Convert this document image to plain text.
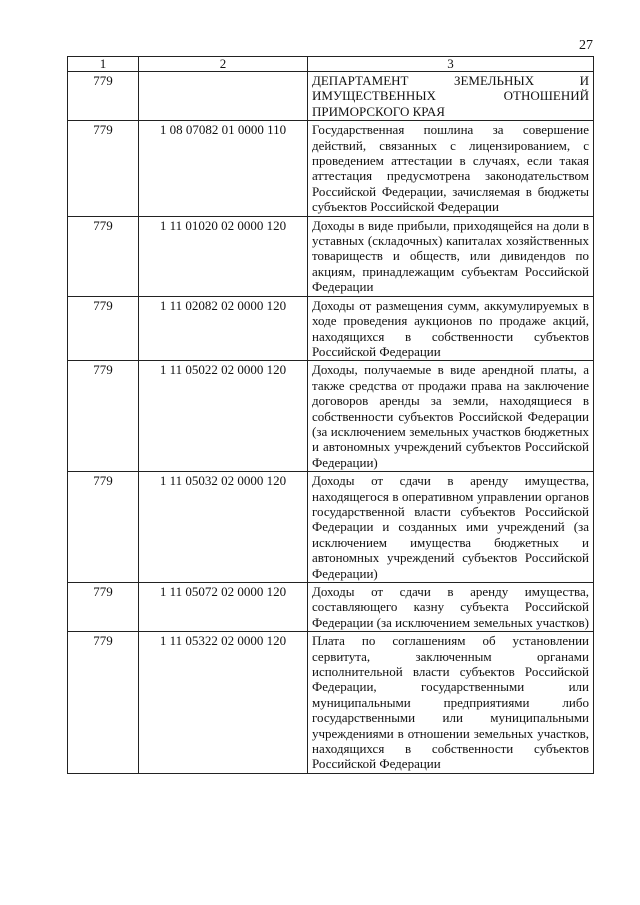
27
1	2	3
779		ДЕПАРТАМЕНТ ЗЕМЕЛЬНЫХ И ИМУЩЕСТВЕННЫХ ОТНОШЕНИЙ ПРИМОРСКОГО КРАЯ
779	1 08 07082 01 0000 110	Государственная пошлина за совершение действий, связанных с лицензированием, с проведением аттестации в случаях, если такая аттестация предусмотрена законодательством Российской Федерации, зачисляемая в бюджеты субъектов Российской Федерации
779	1 11 01020 02 0000 120	Доходы в виде прибыли, приходящейся на доли в уставных (складочных) капиталах хозяйственных товариществ и обществ, или дивидендов по акциям, принадлежащим субъектам Российской Федерации
779	1 11 02082 02 0000 120	Доходы от размещения сумм, аккумулируемых в ходе проведения аукционов по продаже акций, находящихся в собственности субъектов Российской Федерации
779	1 11 05022 02 0000 120	Доходы, получаемые в виде арендной платы, а также средства от продажи права на заключение договоров аренды за земли, находящиеся в собственности субъектов Российской Федерации (за исключением земельных участков бюджетных и автономных учреждений субъектов Российской Федерации)
779	1 11 05032 02 0000 120	Доходы от сдачи в аренду имущества, находящегося в оперативном управлении органов государственной власти субъектов Российской Федерации и созданных ими учреждений (за исключением имущества бюджетных и автономных учреждений субъектов Российской Федерации)
779	1 11 05072 02 0000 120	Доходы от сдачи в аренду имущества, составляющего казну субъекта Российской Федерации (за исключением земельных участков)
779	1 11 05322 02 0000 120	Плата по соглашениям об установлении сервитута, заключенным органами исполнительной власти субъектов Российской Федерации, государственными или муниципальными предприятиями либо государственными или муниципальными учреждениями в отношении земельных участков, находящихся в собственности субъектов Российской Федерации
